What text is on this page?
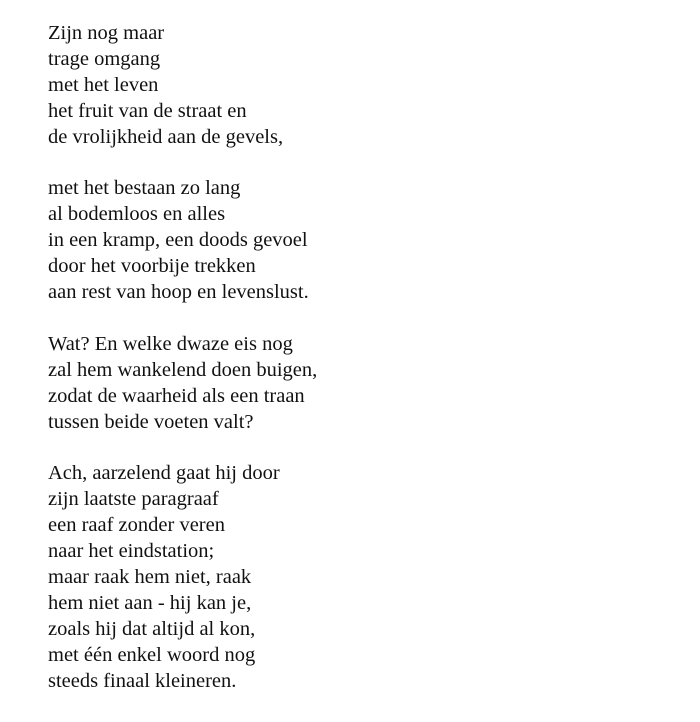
Zijn nog maar
trage omgang
met het leven
het fruit van de straat en
de vrolijkheid aan de gevels,
met het bestaan zo lang
al bodemloos en alles
in een kramp, een doods gevoel
door het voorbije trekken
aan rest van hoop en levenslust.
Wat? En welke dwaze eis nog
zal hem wankelend doen buigen,
zodat de waarheid als een traan
tussen beide voeten valt?
Ach, aarzelend gaat hij door
zijn laatste paragraaf
een raaf zonder veren
naar het eindstation;
maar raak hem niet, raak
hem niet aan - hij kan je,
zoals hij dat altijd al kon,
met één enkel woord nog
steeds finaal kleineren.
